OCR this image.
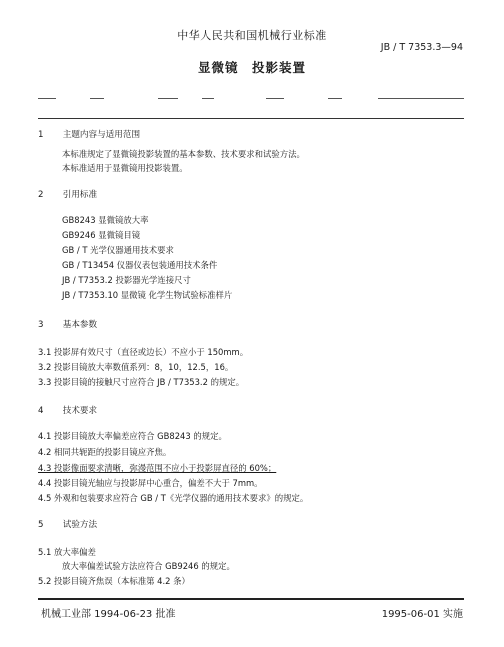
中华人民共和国机械行业标准
JB / T 7353.3—94
显微镜　投影装置
1 主题内容与适用范围
本标准规定了显微镜投影装置的基本参数、技术要求和试验方法。
本标准适用于显微镜用投影装置。
2 引用标准
GB8243 显微镜放大率
GB9246 显微镜目镜
GB / T 光学仪器通用技术要求
GB / T13454 仪器仪表包装通用技术条件
JB / T7353.2 投影器光学连接尺寸
JB / T7353.10 显微镜 化学生物试验标准样片
3 基本参数
3.1 投影屏有效尺寸（直径或边长）不应小于 150mm。
3.2 投影目镜放大率数值系列：8，10，12.5，16。
3.3 投影目镜的接触尺寸应符合 JB / T7353.2 的规定。
4 技术要求
4.1 投影目镜放大率偏差应符合 GB8243 的规定。
4.2 相同共轭距的投影目镜应齐焦。
4.3 投影像面要求清晰，弥漫范围不应小于投影屏直径的 60%；
4.4 投影目镜光轴应与投影屏中心重合，偏差不大于 7mm。
4.5 外观和包装要求应符合 GB / T《光学仪器的通用技术要求》的规定。
5 试验方法
5.1 放大率偏差
放大率偏差试验方法应符合 GB9246 的规定。
5.2 投影目镜齐焦误（本标准第 4.2 条）
机械工业部 1994-06-23 批准	1995-06-01 实施
